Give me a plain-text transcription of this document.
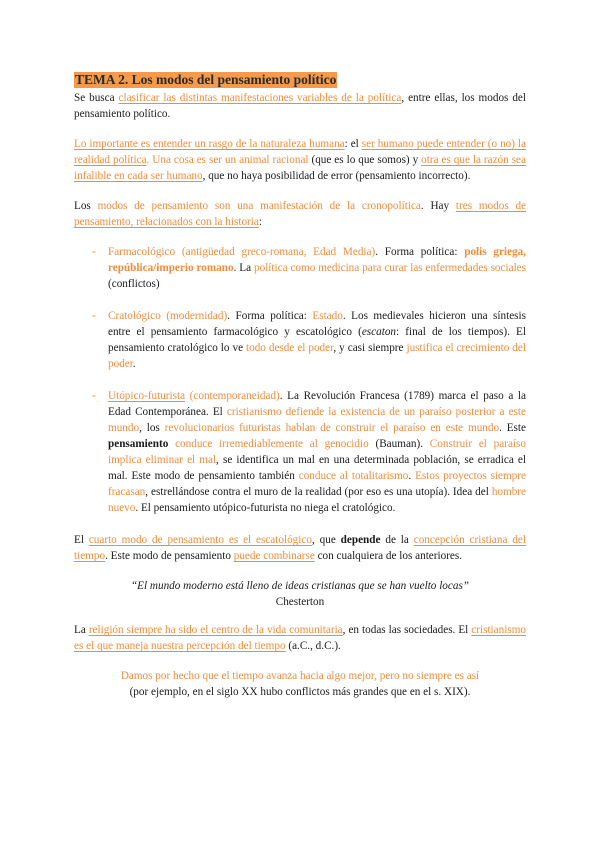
TEMA 2. Los modos del pensamiento político

Se busca clasificar las distintas manifestaciones variables de la política, entre ellas, los modos del pensamiento político.

Lo importante es entender un rasgo de la naturaleza humana: el ser humano puede entender (o no) la realidad política. Una cosa es ser un animal racional (que es lo que somos) y otra es que la razón sea infalible en cada ser humano, que no haya posibilidad de error (pensamiento incorrecto).

Los modos de pensamiento son una manifestación de la cronopolítica. Hay tres modos de pensamiento, relacionados con la historia:

- Farmacológico (antigüedad greco-romana, Edad Media). Forma política: polis griega, república/imperio romano. La política como medicina para curar las enfermedades sociales (conflictos)
- Cratológico (modernidad). Forma política: Estado. Los medievales hicieron una síntesis entre el pensamiento farmacológico y escatológico (escaton: final de los tiempos). El pensamiento cratológico lo ve todo desde el poder, y casi siempre justifica el crecimiento del poder.
- Utópico-futurista (contemporaneidad). La Revolución Francesa (1789) marca el paso a la Edad Contemporánea. El cristianismo defiende la existencia de un paraíso posterior a este mundo, los revolucionarios futuristas hablan de construir el paraíso en este mundo. Este pensamiento conduce irremediablemente al genocidio (Bauman). Construir el paraíso implica eliminar el mal, se identifica un mal en una determinada población, se erradica el mal. Este modo de pensamiento también conduce al totalitarismo. Estos proyectos siempre fracasan, estrellándose contra el muro de la realidad (por eso es una utopía). Idea del hombre nuevo. El pensamiento utópico-futurista no niega el cratológico.

El cuarto modo de pensamiento es el escatológico, que depende de la concepción cristiana del tiempo. Este modo de pensamiento puede combinarse con cualquiera de los anteriores.

“El mundo moderno está lleno de ideas cristianas que se han vuelto locas”
Chesterton

La religión siempre ha sido el centro de la vida comunitaria, en todas las sociedades. El cristianismo es el que maneja nuestra percepción del tiempo (a.C., d.C.).

Damos por hecho que el tiempo avanza hacia algo mejor, pero no siempre es así
(por ejemplo, en el siglo XX hubo conflictos más grandes que en el s. XIX).
